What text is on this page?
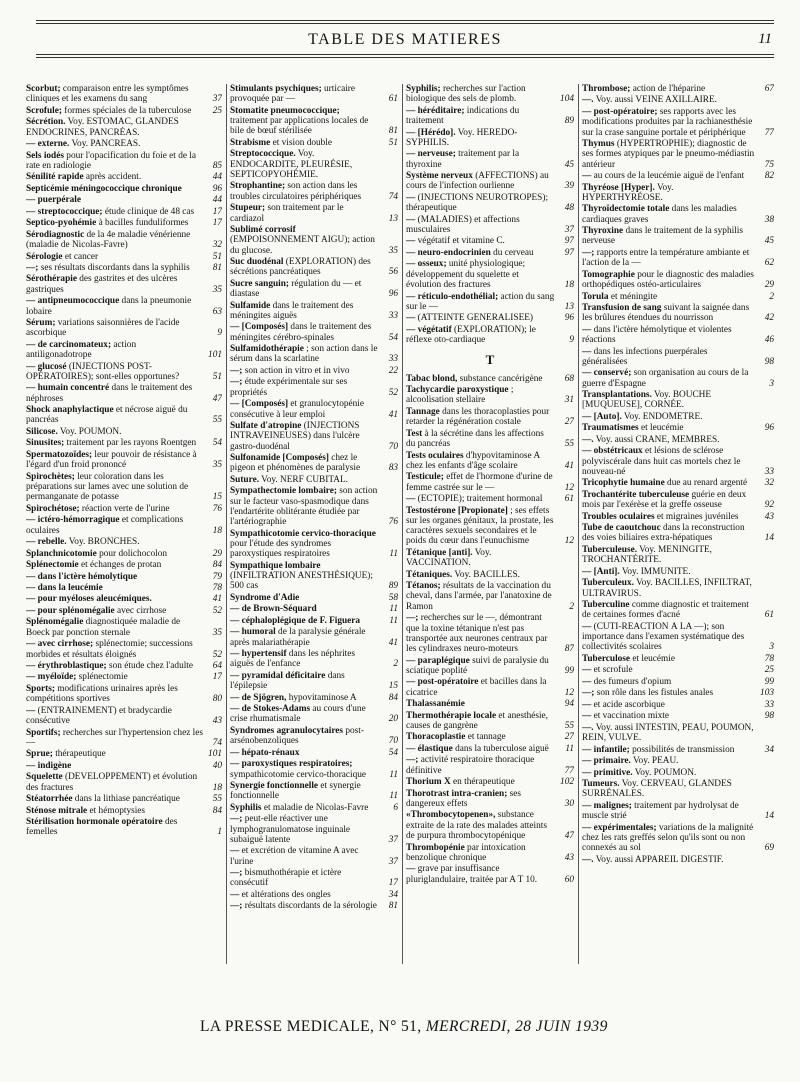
TABLE DES MATIERES	11
Scorbut; comparaison entre les symptômes cliniques et les examens du sang	37
Scrofule; formes spéciales de la tuberculose	25
Sécrétion. Voy. ESTOMAC, GLANDES ENDOCRINES, PANCRÉAS.
— externe. Voy. PANCRÉAS.
Sels iodés pour l'opacification du foie et de la rate en radiologie	85
Sénilité rapide après accident.	44
Septicémie méningococcique chronique	96
— puerpérale	44
— streptococcique; étude clinique de 48 cas	17
Septico-pyohémie à bacilles funduliformes	17
Sérodiagnostic de la 4e maladie vénérienne (maladie de Nicolas-Favre)	32
Sérologie et cancer	51
—; ses résultats discordants dans la syphilis	81
Sérothérapie des gastrites et des ulcères gastriques	35
— antipneumococcique dans la pneumonie lobaire	63
Sérum; variations saisonnières de l'acide ascorbique	9
— de carcinomateux; action antiligonadotrope	101
— glucosé (INJECTIONS POST-OPÉRATOIRES); sont-elles opportunes?	51
— humain concentré dans le traitement des néphroses	47
Shock anaphylactique et nécrose aiguë du pancréas	55
Silicose. Voy. POUMON.
Sinusites; traitement par les rayons Roentgen	54
Spermatozoïdes; leur pouvoir de résistance à l'égard d'un froid prononcé	35
Spirochètes; leur coloration dans les préparations sur lames avec une solution de permanganate de potasse	15
Spirochétose; réaction verte de l'urine	76
— ictéro-hémorragique et complications oculaires	18
— rebelle. Voy. BRONCHES.
Splanchnicotomie pour dolichocolon	29
Splénectomie et échanges de protan	84
— dans l'ictère hémolytique	79
— dans la leucémie	78
— pour myéloses aleucémiques.	41
— pour splénomégalie avec cirrhose	52
Splénomégalie diagnostiquée maladie de Boeck par ponction sternale	35
— avec cirrhose; splénectomie; successions morbides et résultats éloignés	52
— érythroblastique; son étude chez l'adulte	64
— myéloïde; splénectomie	17
Sports; modifications urinaires après les compétitions sportives	80
— (ENTRAINEMENT) et bradycardie consécutive	43
Sportifs; recherches sur l'hypertension chez les —	74
Sprue; thérapeutique	101
— indigène	40
Squelette (DÉVELOPPEMENT) et évolution des fractures	18
Stéatorrhée dans la lithiase pancréatique	55
Sténose mitrale et hémoptysies	84
Stérilisation hormonale opératoire des femelles	1
Stimulants psychiques; urticaire provoquée par —	61
Stomatite pneumococcique; traitement par applications locales de bile de bœuf stérilisée	81
Strabisme et vision double	51
Streptococcique. Voy. ENDOCARDITE, PLEURÉSIE, SEPTICOPYOHÉMIE.
Strophantine; son action dans les troubles circulatoires périphériques	74
Stupeur; son traitement par le cardiazol	13
Sublimé corrosif (EMPOISONNEMENT AIGU); action du glucose.	35
Suc duodénal (EXPLORATION) des sécrétions pancréatiques	56
Sucre sanguin; régulation du — et diastase	96
Sulfamide dans le traitement des méningites aiguës	33
— [Composés] dans le traitement des méningites cérébro-spinales	54
Sulfamidothérapie ; son action dans le sérum dans la scarlatine	33
—; son action in vitro et in vivo	22
—; étude expérimentale sur ses propriétés	52
— [Composés] et granulocytopénie consécutive à leur emploi	41
Sulfate d'atropine (INJECTIONS INTRAVEINEUSES) dans l'ulcère gastro-duodénal	70
Sulfonamide [Composés] chez le pigeon et phénomènes de paralysie	83
Suture. Voy. NERF CUBITAL.
Sympathectomie lombaire; son action sur le facteur vaso-spasmodique dans l'endartérite oblitérante étudiée par l'artériographie	76
Sympathicotomie cervico-thoracique pour l'étude des syndromes paroxystiques respiratoires	11
Sympathique lombaire (INFILTRATION ANESTHÉSIQUE); 500 cas	89
Syndrome d'Adie	58
— de Brown-Séquard	11
— céphaloplégique de F. Figuera	11
— humoral de la paralysie générale après malariathérapie	41
— hypertensif dans les néphrites aiguës de l'enfance	2
— pyramidal déficitaire dans l'épilepsie	15
— de Sjögren, hypovitaminose A	84
— de Stokes-Adams au cours d'une crise rhumatismale	20
Syndromes agranulocytaires post-arsénobenzoliques	70
— hépato-rénaux	54
— paroxystiques respiratoires; sympathicotomie cervico-thoracique	11
Synergie fonctionnelle et synergie fonctionnelle	11
Syphilis et maladie de Nicolas-Favre	6
—; peut-elle réactiver une lymphogranulomatose inguinale subaiguë latente	37
— et excrétion de vitamine A avec l'urine	37
—; bismuthothérapie et ictère consécutif	17
— et altérations des ongles	34
—; résultats discordants de la sérologie	81
Syphilis; recherches sur l'action biologique des sels de plomb.	104
— héréditaire; indications du traitement	89
— [Hérédo]. Voy. HÉRÉDO-SYPHILIS.
— nerveuse; traitement par la thyroxine	45
Système nerveux (AFFECTIONS) au cours de l'infection ourlienne	39
— (INJECTIONS NEUROTROPES); thérapeutique	48
— (MALADIES) et affections musculaires	37
— végétatif et vitamine C.	97
— neuro-endocrinien du cerveau	97
— osseux; unité physiologique; développement du squelette et évolution des fractures	18
— réticulo-endothélial; action du sang sur le —	13
— (ATTEINTE GÉNÉRALISÉE)	96
— végétatif (EXPLORATION); le réflexe oto-cardiaque	9
T
Tabac blond, substance cancérigène	68
Tachycardie paroxystique ; alcoolisation stellaire	31
Tannage dans les thoracoplasties pour retarder la régénération costale	27
Test à la sécrétine dans les affections du pancréas	55
Tests oculaires d'hypovitaminose A chez les enfants d'âge scolaire	41
Testicule; effet de l'hormone d'urine de femme castrée sur le —	12
— (ECTOPIE); traitement hormonal	61
Testostérone [Propionate] ; ses effets sur les organes génitaux, la prostate, les caractères sexuels secondaires et le poids du cœur dans l'eunuchisme	12
Tétanique [anti]. Voy. VACCINATION.
Tétaniques. Voy. BACILLES.
Tétanos; résultats de la vaccination du cheval, dans l'armée, par l'anatoxine de Ramon	2
—; recherches sur le —, démontrant que la toxine tétanique n'est pas transportée aux neurones centraux par les cylindraxes neuro-moteurs	87
— paraplégique suivi de paralysie du sciatique poplité	99
— post-opératoire et bacilles dans la cicatrice	12
Thalassanémie	94
Thermothérapie locale et anesthésie, causes de gangrène	55
Thoracoplastie et tannage	27
— élastique dans la tuberculose aiguë	11
—; activité respiratoire thoracique définitive	77
Thorium X en thérapeutique	102
Thorotrast intra-cranien; ses dangereux effets	30
«Thrombocytopenen», substance extraite de la rate des malades atteints de purpura thrombocytopénique	47
Thrombopénie par intoxication benzolique chronique	43
— grave par insuffisance pluriglandulaire, traitée par A T 10.	60
Thrombose; action de l'héparine	67
—. Voy. aussi VEINE AXILLAIRE.
— post-opératoire; ses rapports avec les modifications produites par la rachianesthésie sur la crase sanguine portale et périphérique	77
Thymus (HYPERTROPHIE); diagnostic de ses formes atypiques par le pneumo-médiastin antérieur	75
— au cours de la leucémie aiguë de l'enfant	82
Thyréose [Hyper]. Voy. HYPERTHYRÉOSE.
Thyroïdectomie totale dans les maladies cardiaques graves	38
Thyroxine dans le traitement de la syphilis nerveuse	45
—; rapports entre la température ambiante et l'action de la —	62
Tomographie pour le diagnostic des maladies orthopédiques ostéo-articulaires	29
Torula et méningite	2
Transfusion de sang suivant la saignée dans les brûlures étendues du nourrisson	42
— dans l'ictère hémolytique et violentes réactions	46
— dans les infections puerpérales généralisées	98
— conservé; son organisation au cours de la guerre d'Espagne	3
Transplantations. Voy. BOUCHE [MUQUEUSE], CORNÉE.
— [Auto]. Voy. ENDOMÈTRE.
Traumatismes et leucémie	96
—. Voy. aussi CRANE, MEMBRES.
— obstétricaux et lésions de sclérose polyviscérale dans huit cas mortels chez le nouveau-né	33
Tricophytie humaine due au renard argenté	32
Trochantérite tuberculeuse guérie en deux mois par l'exérèse et la greffe osseuse	92
Troubles oculaires et migraines juvéniles	43
Tube de caoutchouc dans la reconstruction des voies biliaires extra-hépatiques	14
Tuberculeuse. Voy. MÉNINGITE, TROCHANTÉRITE.
— [Anti]. Voy. IMMUNITÉ.
Tuberculeux. Voy. BACILLES, INFILTRAT, ULTRAVIRUS.
Tuberculine comme diagnostic et traitement de certaines formes d'acné	61
— (CUTI-RÉACTION À LA —); son importance dans l'examen systématique des collectivités scolaires	3
Tuberculose et leucémie	78
— et scrofule	25
— des fumeurs d'opium	99
—; son rôle dans les fistules anales	103
— et acide ascorbique	33
— et vaccination mixte	98
—. Voy. aussi INTESTIN, PEAU, POUMON, REIN, VULVE.
— infantile; possibilités de transmission	34
— primaire. Voy. PEAU.
— primitive. Voy. POUMON.
Tumeurs. Voy. CERVEAU, GLANDES SURRÉNALES.
— malignes; traitement par hydrolysat de muscle strié	14
— expérimentales; variations de la malignité chez les rats greffés selon qu'ils sont ou non connexés au sol	69
—. Voy. aussi APPAREIL DIGESTIF.
LA PRESSE MEDICALE, N° 51, MERCREDI, 28 JUIN 1939
